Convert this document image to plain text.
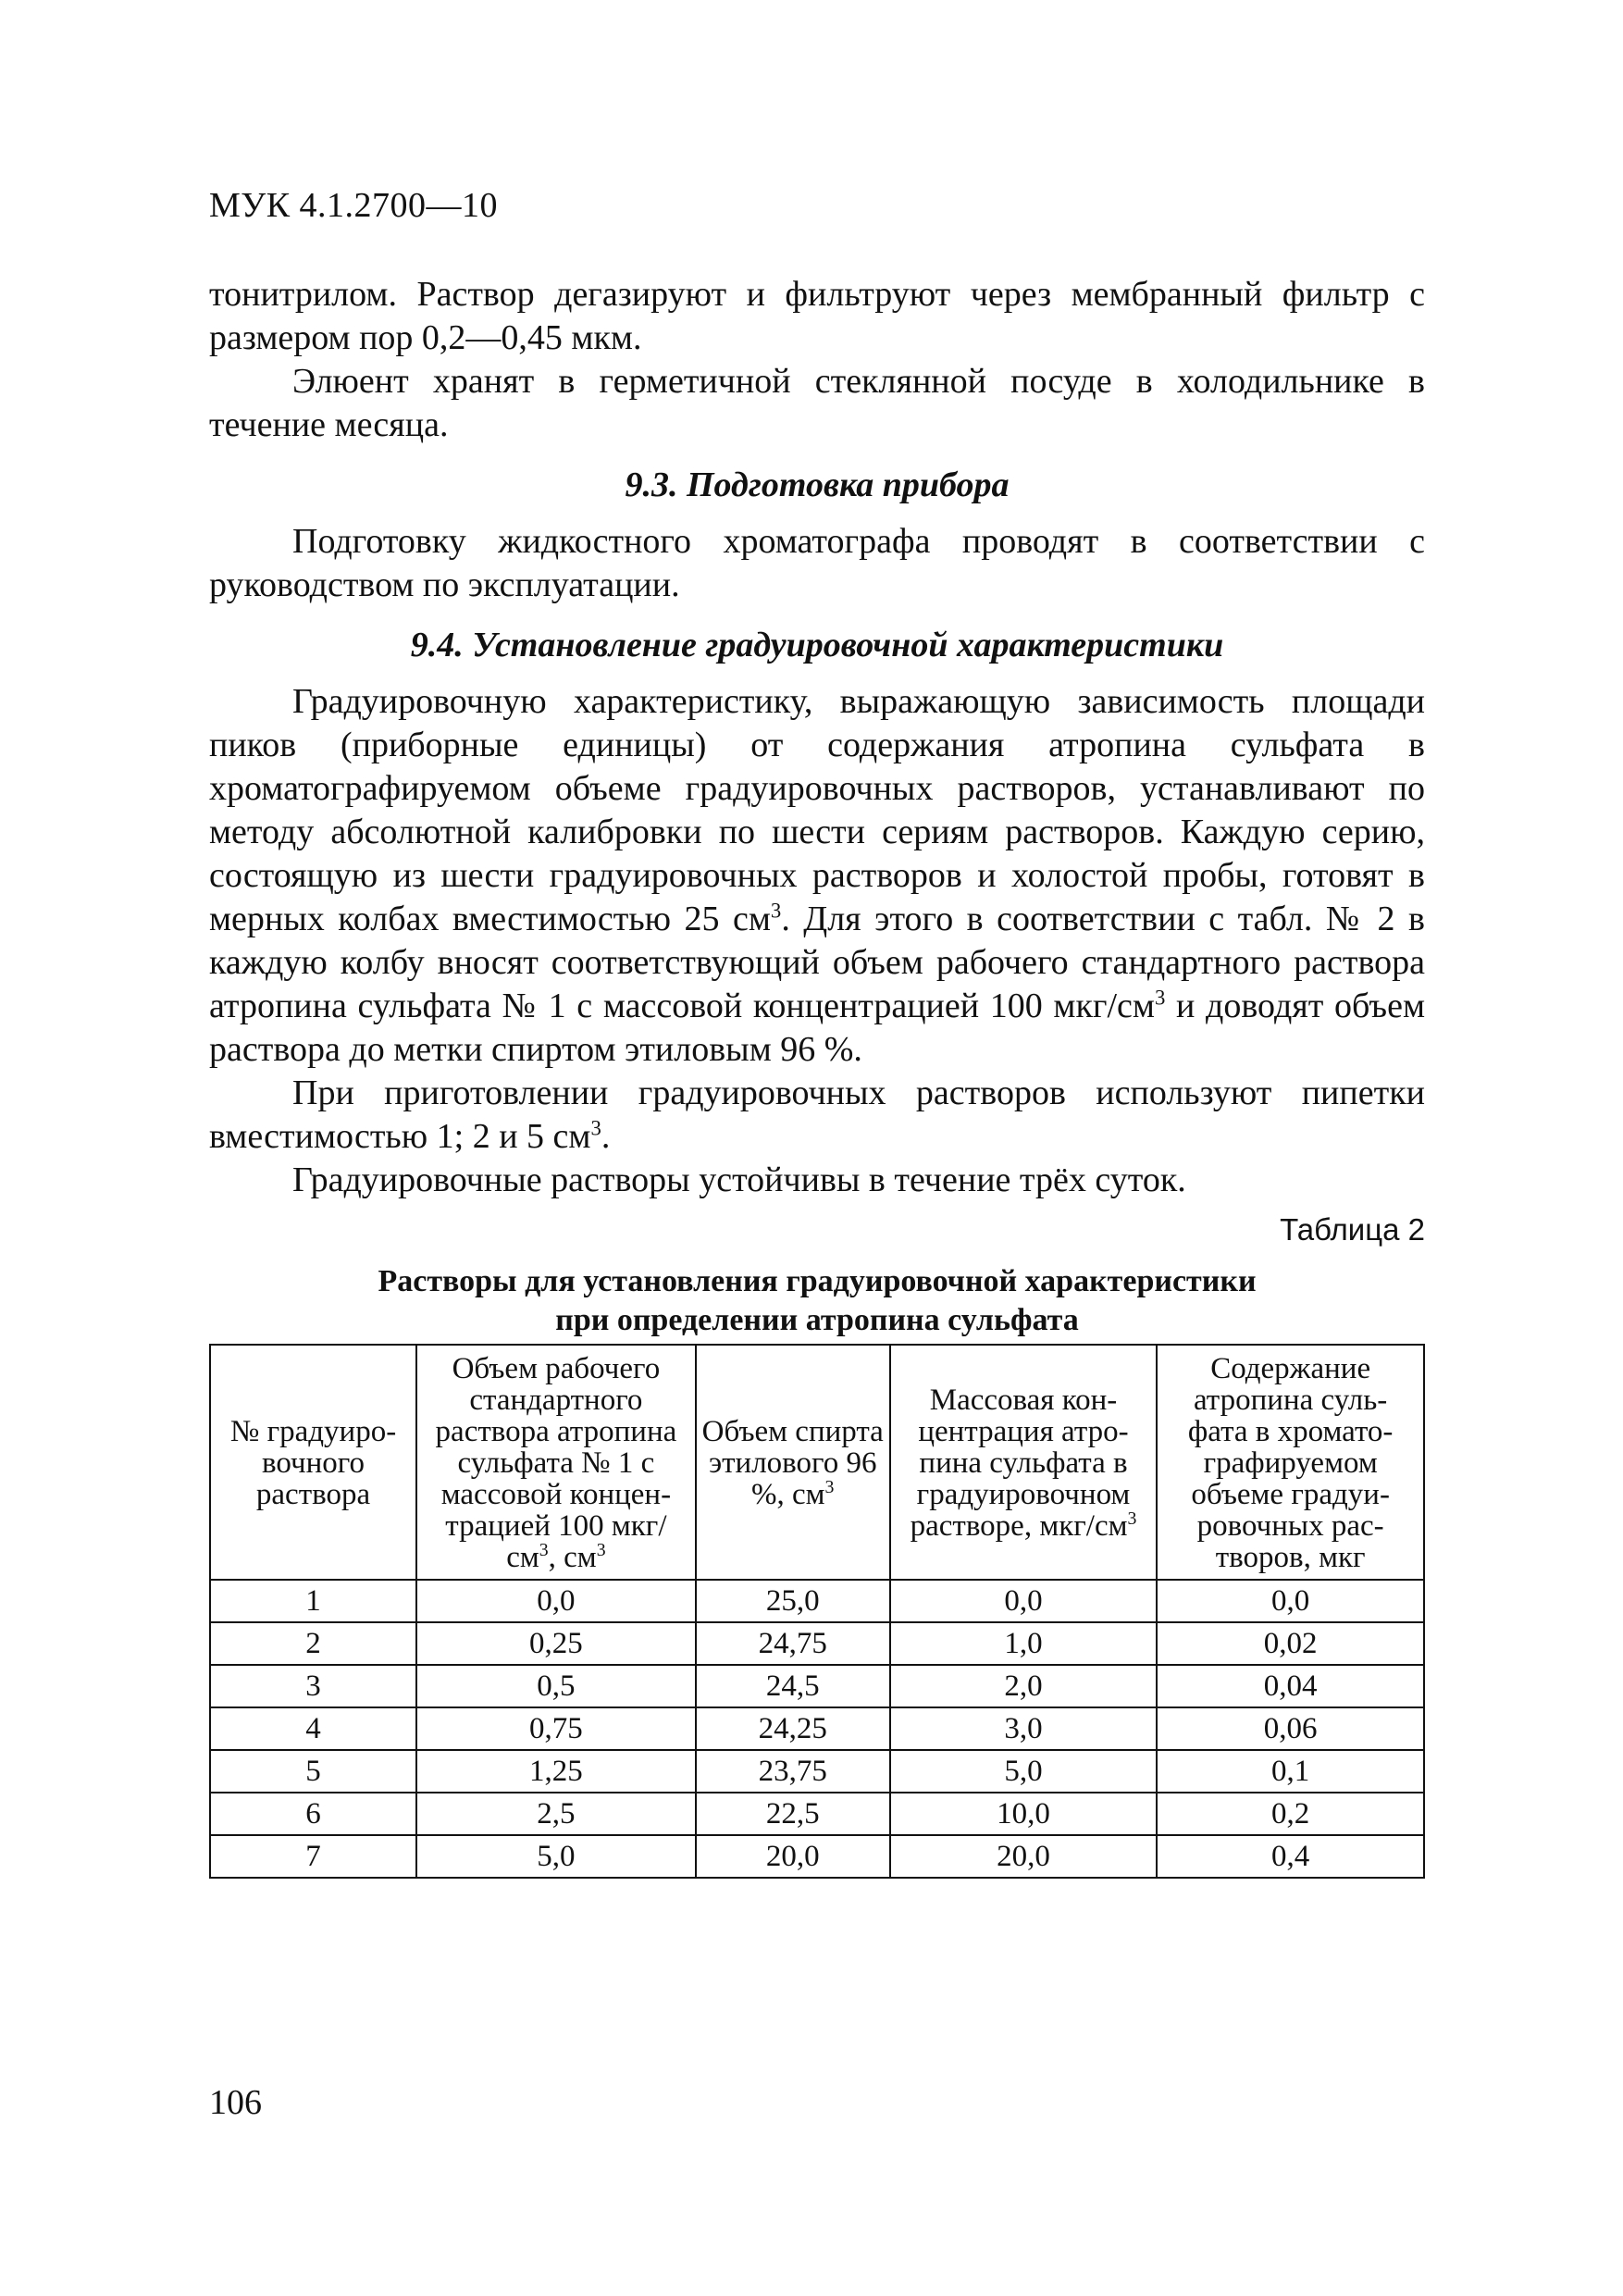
МУК 4.1.2700—10

тонитрилом. Раствор дегазируют и фильтруют через мембранный фильтр с размером пор 0,2—0,45 мкм.

Элюент хранят в герметичной стеклянной посуде в холодильнике в течение месяца.

9.3. Подготовка прибора

Подготовку жидкостного хроматографа проводят в соответствии с руководством по эксплуатации.

9.4. Установление градуировочной характеристики

Градуировочную характеристику, выражающую зависимость площади пиков (приборные единицы) от содержания атропина сульфата в хроматографируемом объеме градуировочных растворов, устанавливают по методу абсолютной калибровки по шести сериям растворов. Каждую серию, состоящую из шести градуировочных растворов и холостой пробы, готовят в мерных колбах вместимостью 25 $см^3$. Для этого в соответствии с табл. № 2 в каждую колбу вносят соответствующий объем рабочего стандартного раствора атропина сульфата № 1 с массовой концентрацией 100 мкг/$см^3$ и доводят объем раствора до метки спиртом этиловым 96 %.

При приготовлении градуировочных растворов используют пипетки вместимостью 1; 2 и 5 $см^3$.

Градуировочные растворы устойчивы в течение трёх суток.

Таблица 2
Растворы для установления градуировочной характеристики
при определении атропина сульфата
№ градуиро- вочного раствора	Объем рабочего стандартного раствора атропина сульфата № 1 с массовой концен- трацией 100 мкг/$см^3$, $см^3$	Объем спирта этилового 96 %, $см^3$	Массовая кон- центрация атро- пина сульфата в градуировочном растворе, мкг/$см^3$	Содержание атропина суль- фата в хромато- графируемом объеме градуи- ровочных рас- творов, мкг
1	0,0	25,0	0,0	0,0
2	0,25	24,75	1,0	0,02
3	0,5	24,5	2,0	0,04
4	0,75	24,25	3,0	0,06
5	1,25	23,75	5,0	0,1
6	2,5	22,5	10,0	0,2
7	5,0	20,0	20,0	0,4
106
